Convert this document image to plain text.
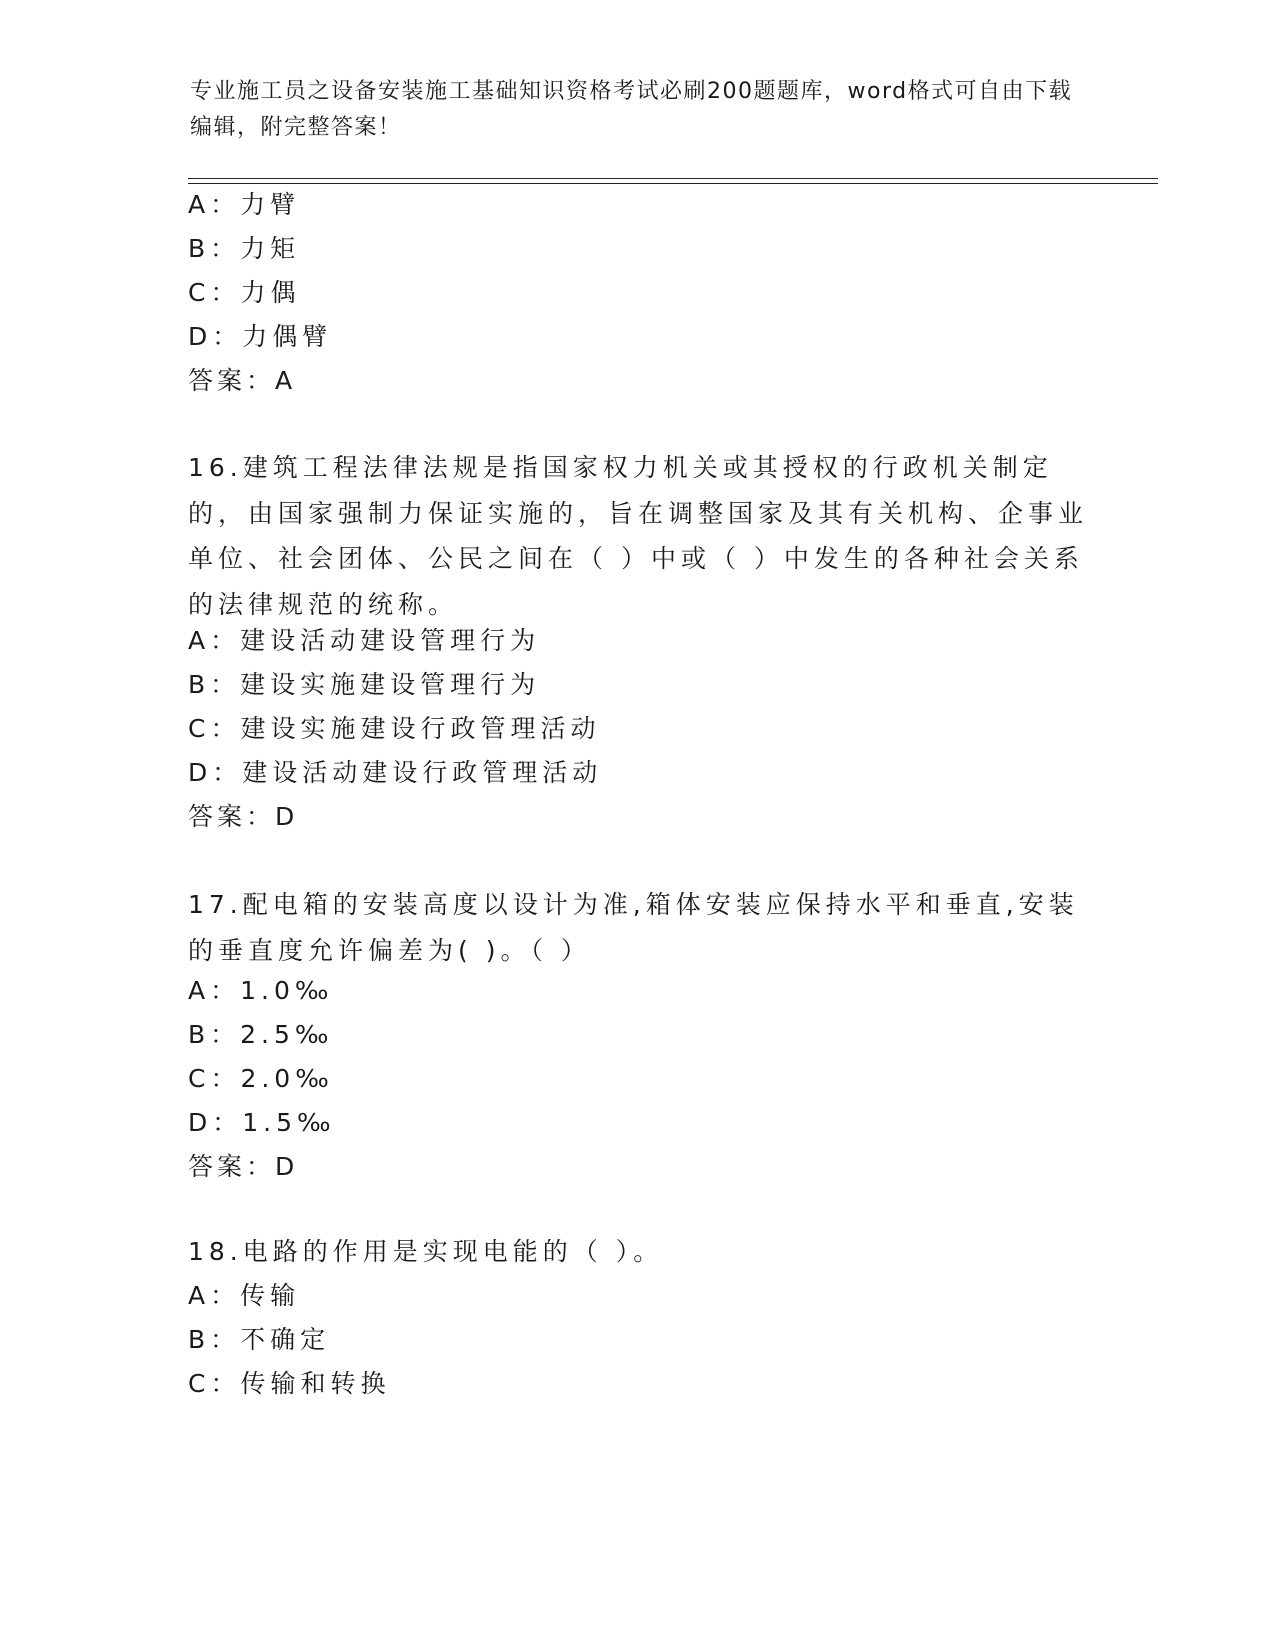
专业施工员之设备安装施工基础知识资格考试必刷200题题库，word格式可自由下载编辑，附完整答案！
A：力臂
B：力矩
C：力偶
D：力偶臂
答案：A
16.建筑工程法律法规是指国家权力机关或其授权的行政机关制定的，由国家强制力保证实施的，旨在调整国家及其有关机构、企事业单位、社会团体、公民之间在（ ）中或（ ）中发生的各种社会关系的法律规范的统称。
A：建设活动建设管理行为
B：建设实施建设管理行为
C：建设实施建设行政管理活动
D：建设活动建设行政管理活动
答案：D
17.配电箱的安装高度以设计为准,箱体安装应保持水平和垂直,安装的垂直度允许偏差为( )。（ ）
A：1.0‰
B：2.5‰
C：2.0‰
D：1.5‰
答案：D
18.电路的作用是实现电能的（ ）。
A：传输
B：不确定
C：传输和转换
